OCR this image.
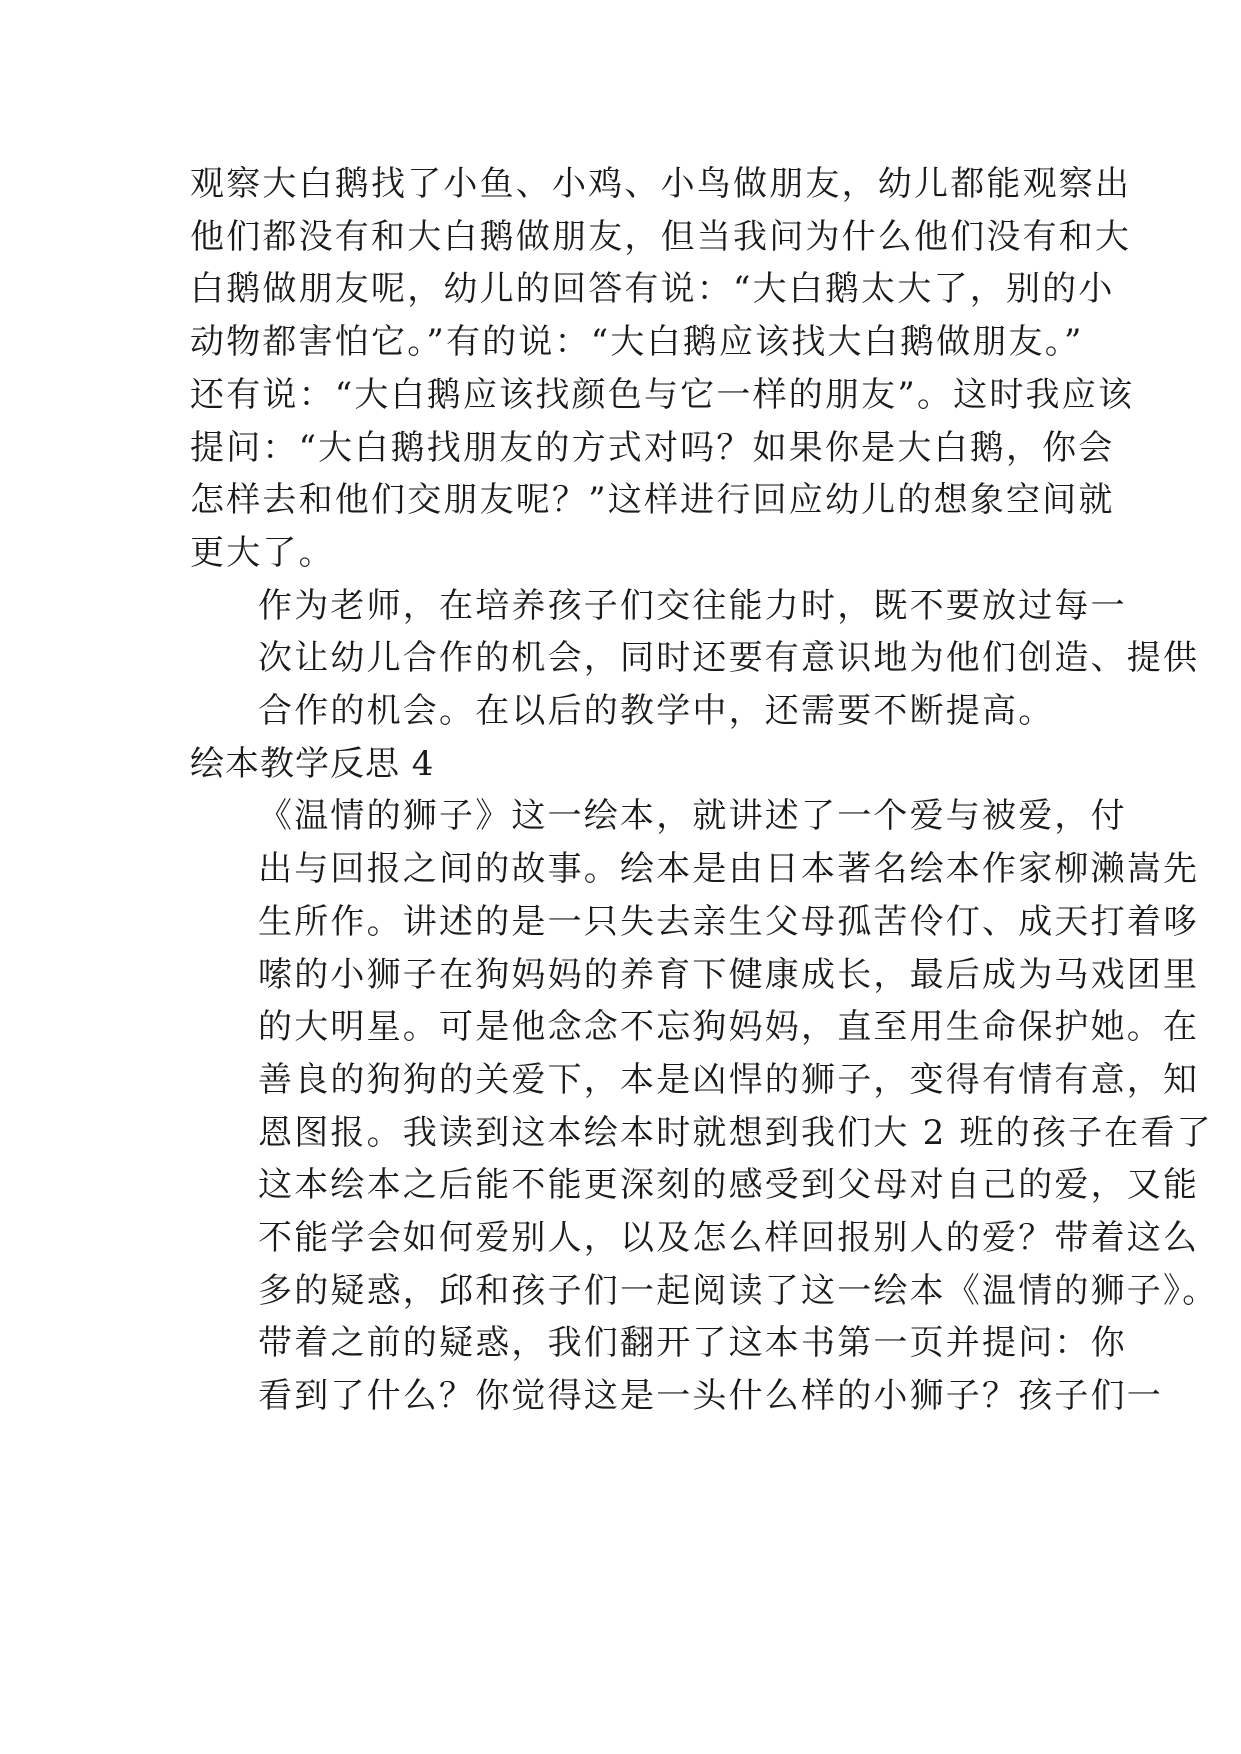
观察大白鹅找了小鱼、小鸡、小鸟做朋友，幼儿都能观察出
他们都没有和大白鹅做朋友，但当我问为什么他们没有和大
白鹅做朋友呢，幼儿的回答有说：“大白鹅太大了，别的小
动物都害怕它。”有的说：“大白鹅应该找大白鹅做朋友。”
还有说：“大白鹅应该找颜色与它一样的朋友”。这时我应该
提问：“大白鹅找朋友的方式对吗？如果你是大白鹅，你会
怎样去和他们交朋友呢？”这样进行回应幼儿的想象空间就
更大了。

作为老师，在培养孩子们交往能力时，既不要放过每一
次让幼儿合作的机会，同时还要有意识地为他们创造、提供
合作的机会。在以后的教学中，还需要不断提高。

绘本教学反思 4

《温情的狮子》这一绘本，就讲述了一个爱与被爱，付
出与回报之间的故事。绘本是由日本著名绘本作家柳濑嵩先
生所作。讲述的是一只失去亲生父母孤苦伶仃、成天打着哆
嗦的小狮子在狗妈妈的养育下健康成长，最后成为马戏团里
的大明星。可是他念念不忘狗妈妈，直至用生命保护她。在
善良的狗狗的关爱下，本是凶悍的狮子，变得有情有意，知
恩图报。我读到这本绘本时就想到我们大 2 班的孩子在看了
这本绘本之后能不能更深刻的感受到父母对自己的爱，又能
不能学会如何爱别人，以及怎么样回报别人的爱？带着这么
多的疑惑，邱和孩子们一起阅读了这一绘本《温情的狮子》。

带着之前的疑惑，我们翻开了这本书第一页并提问：你
看到了什么？你觉得这是一头什么样的小狮子？孩子们一
